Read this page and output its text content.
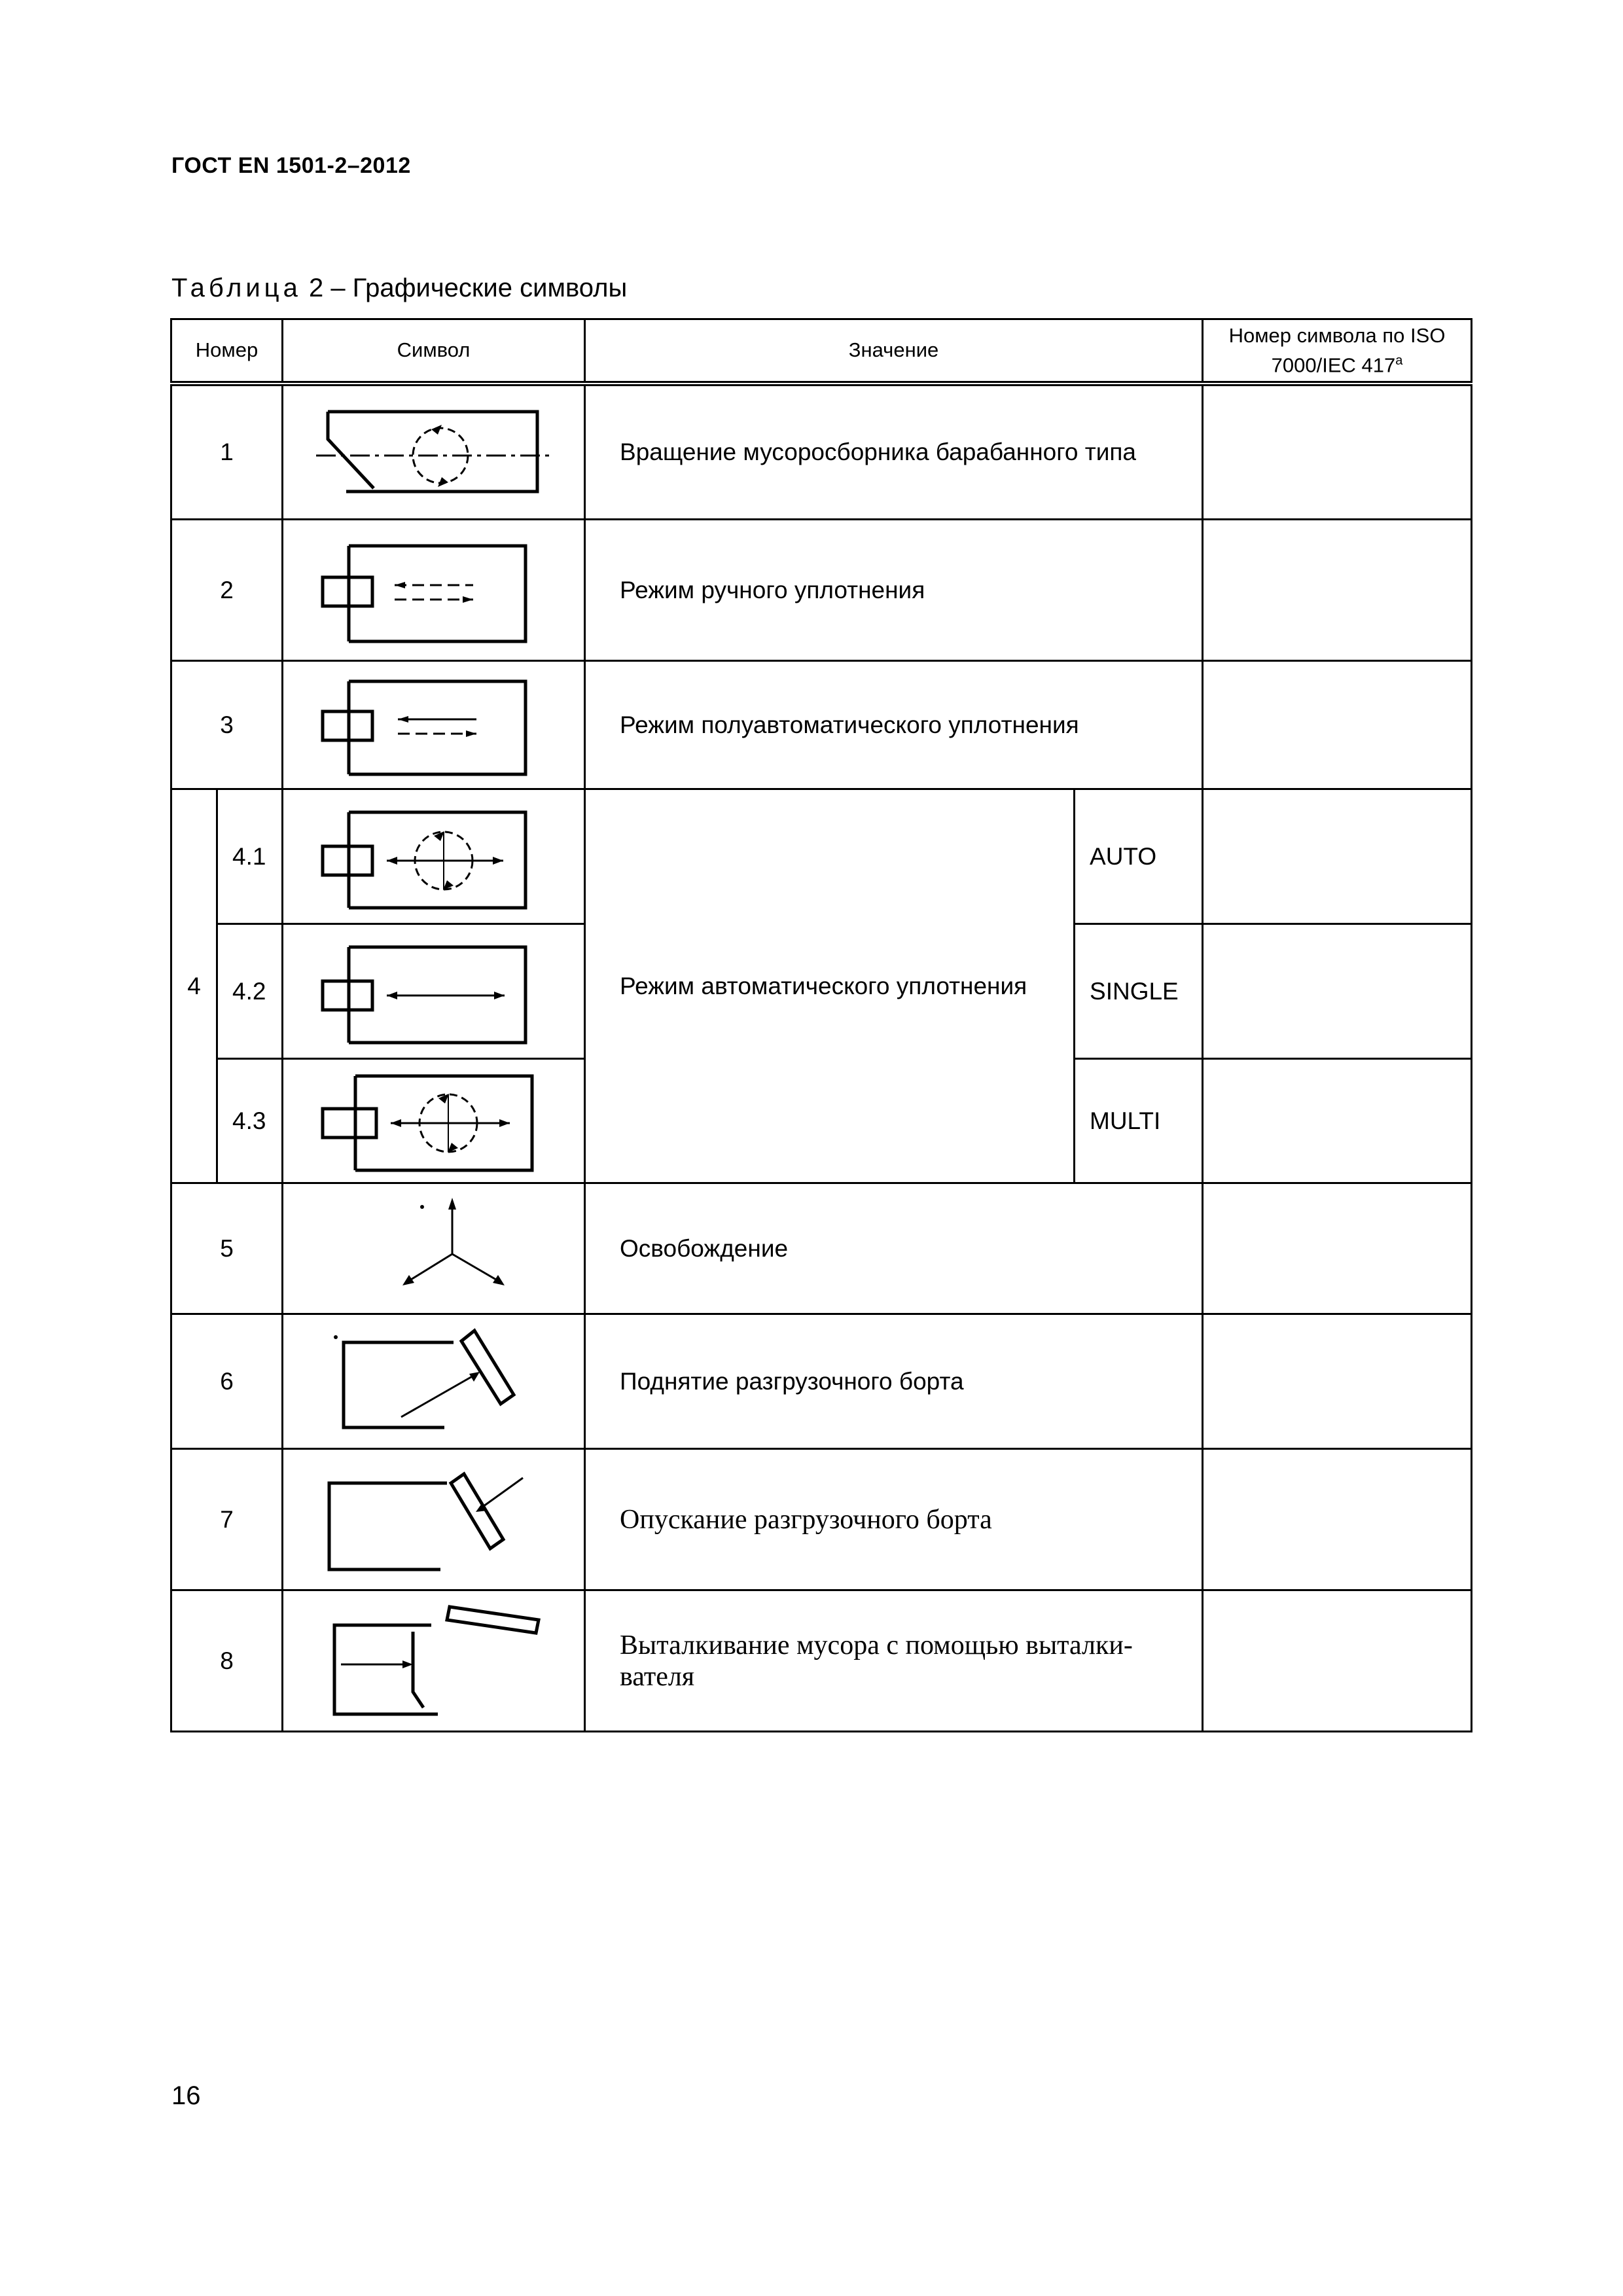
ГОСТ EN 1501-2–2012
Таблица 2 – Графические символы
Номер		Символ	Значение		Номер символа по ISO 7000/IEC 417$^a$
1			Вращение мусоросборника барабанного типа		
2			Режим ручного уплотнения		
3			Режим полуавтоматического уплотнения		
4	4.1		Режим автоматического уплотнения	AUTO	
	4.2			SINGLE	
	4.3			MULTI	
5			Освобождение		
6			Поднятие разгрузочного борта		
7			Опускание разгрузочного борта		
8			Выталкивание мусора с помощью выталки-вателя		
16
